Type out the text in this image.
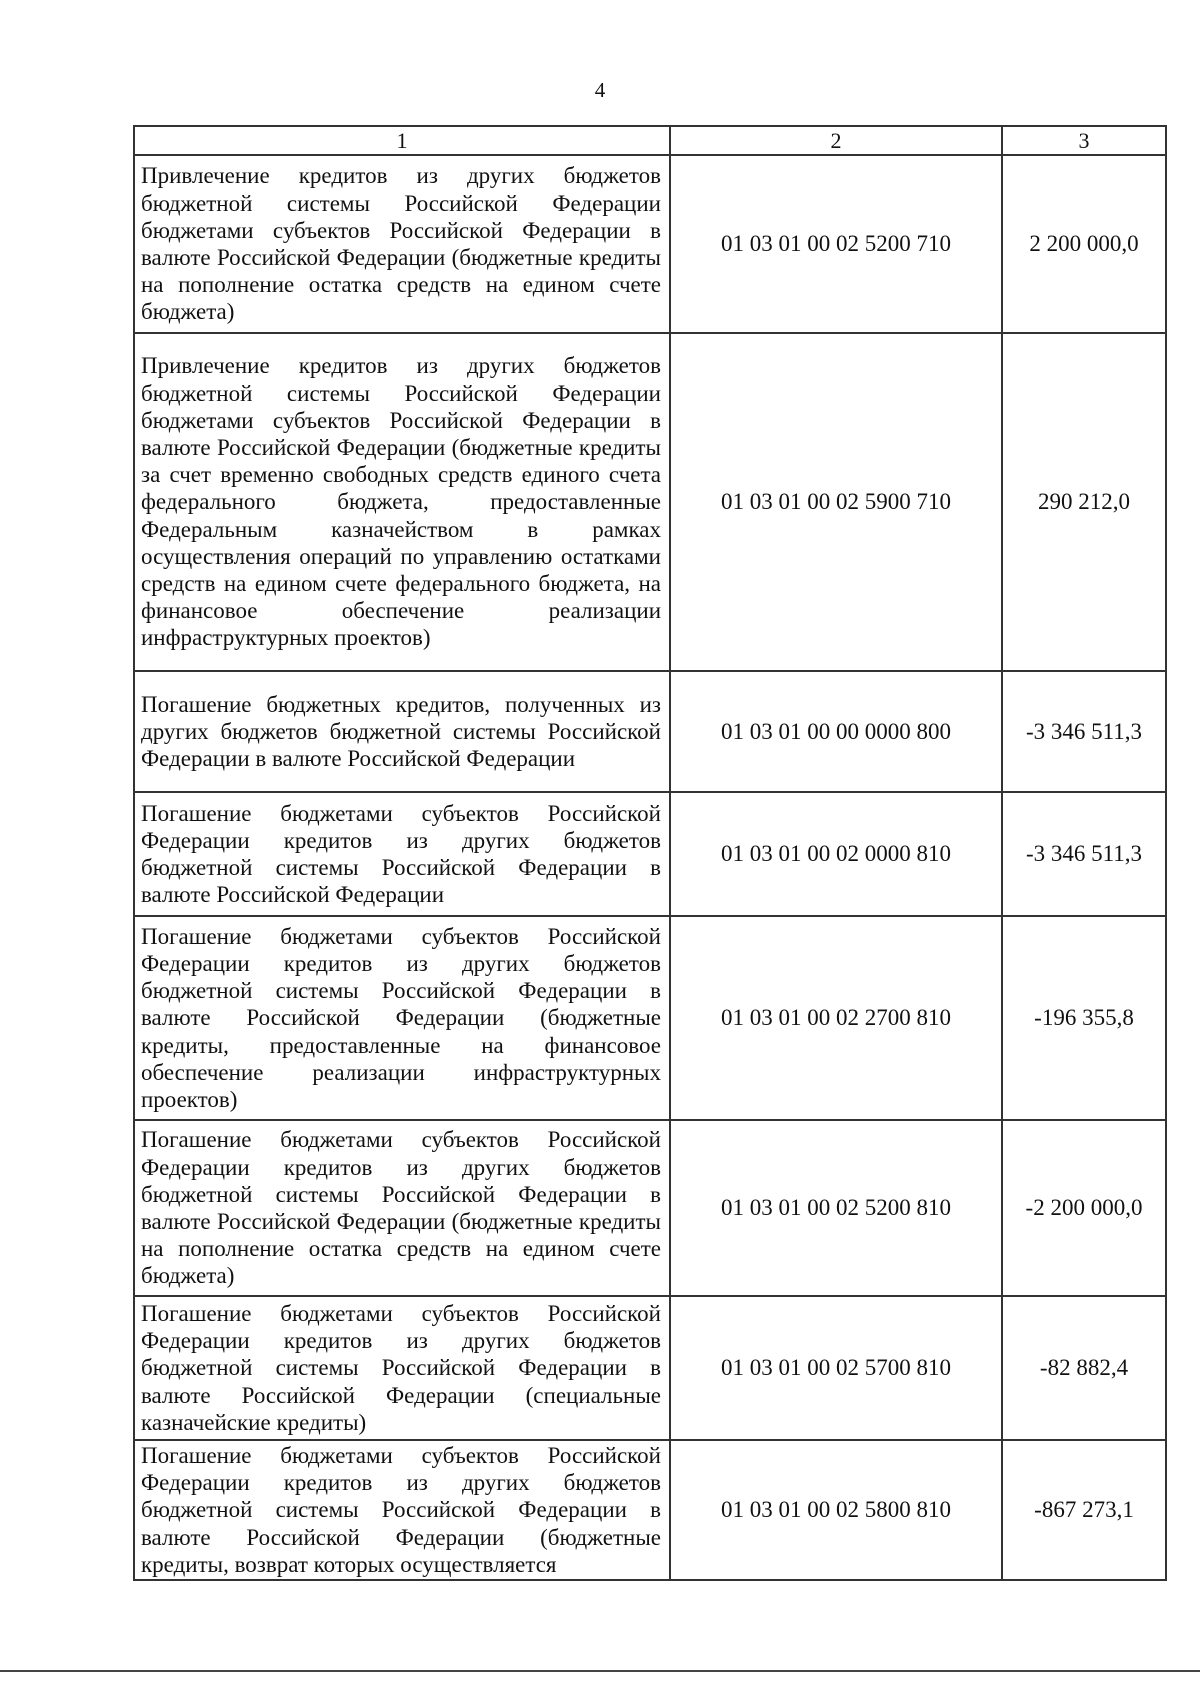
4
1	2	3
Привлечение кредитов из других бюджетов бюджетной системы Российской Федерации бюджетами субъектов Российской Федерации в валюте Российской Федерации (бюджетные кредиты на пополнение остатка средств на едином счете бюджета)	01 03 01 00 02 5200 710	2 200 000,0
Привлечение кредитов из других бюджетов бюджетной системы Российской Федерации бюджетами субъектов Российской Федерации в валюте Российской Федерации (бюджетные кредиты за счет временно свободных средств единого счета федерального бюджета, предоставленные Федеральным казначейством в рамках осуществления операций по управлению остатками средств на едином счете федерального бюджета, на финансовое обеспечение реализации инфраструктурных проектов)	01 03 01 00 02 5900 710	290 212,0
Погашение бюджетных кредитов, полученных из других бюджетов бюджетной системы Российской Федерации в валюте Российской Федерации	01 03 01 00 00 0000 800	-3 346 511,3
Погашение бюджетами субъектов Российской Федерации кредитов из других бюджетов бюджетной системы Российской Федерации в валюте Российской Федерации	01 03 01 00 02 0000 810	-3 346 511,3
Погашение бюджетами субъектов Российской Федерации кредитов из других бюджетов бюджетной системы Российской Федерации в валюте Российской Федерации (бюджетные кредиты, предоставленные на финансовое обеспечение реализации инфраструктурных проектов)	01 03 01 00 02 2700 810	-196 355,8
Погашение бюджетами субъектов Российской Федерации кредитов из других бюджетов бюджетной системы Российской Федерации в валюте Российской Федерации (бюджетные кредиты на пополнение остатка средств на едином счете бюджета)	01 03 01 00 02 5200 810	-2 200 000,0
Погашение бюджетами субъектов Российской Федерации кредитов из других бюджетов бюджетной системы Российской Федерации в валюте Российской Федерации (специальные казначейские кредиты)	01 03 01 00 02 5700 810	-82 882,4
Погашение бюджетами субъектов Российской Федерации кредитов из других бюджетов бюджетной системы Российской Федерации в валюте Российской Федерации (бюджетные кредиты, возврат которых осуществляется	01 03 01 00 02 5800 810	-867 273,1
